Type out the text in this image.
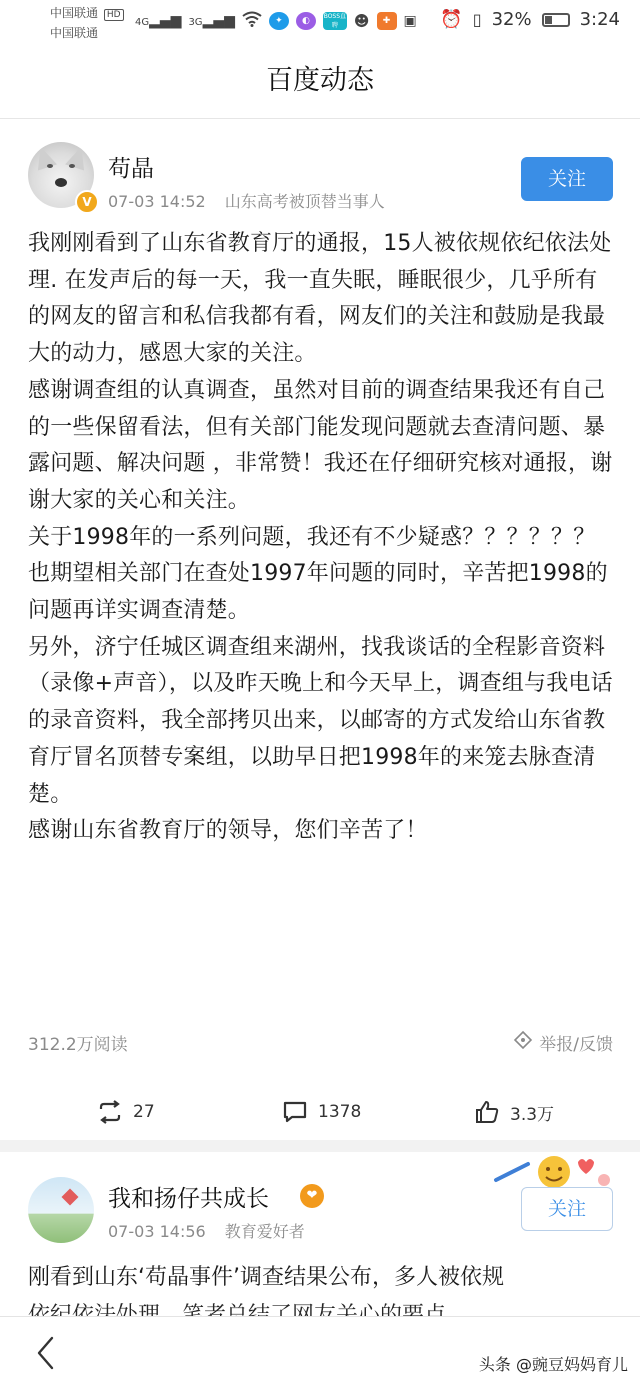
中国联通 HD
中国联通
4G▂▄▆ 3G▂▄▆	✦	◐	BOSS直聘	☻	✚ ▣ ⏰ ▯ 32%	3:24
百度动态
V
苟晶
07-03 14:52 山东高考被顶替当事人
关注

我刚刚看到了山东省教育厅的通报，15人被依规依纪依法处理. 在发声后的每一天，我一直失眠，睡眠很少，几乎所有的网友的留言和私信我都有看，网友们的关注和鼓励是我最大的动力，感恩大家的关注。

感谢调查组的认真调查，虽然对目前的调查结果我还有自己的一些保留看法，但有关部门能发现问题就去查清问题、暴露问题、解决问题 ，非常赞！我还在仔细研究核对通报，谢谢大家的关心和关注。

关于1998年的一系列问题，我还有不少疑惑？？？？？？ 也期望相关部门在查处1997年问题的同时，辛苦把1998的问题再详实调查清楚。

另外，济宁任城区调查组来湖州，找我谈话的全程影音资料（录像+声音），以及昨天晚上和今天早上，调查组与我电话的录音资料，我全部拷贝出来，以邮寄的方式发给山东省教育厅冒名顶替专案组，以助早日把1998年的来笼去脉查清楚。

感谢山东省教育厅的领导，您们辛苦了！

312.2万阅读	举报/反馈
27	1378	3.3万
我和扬仔共成长	❤
07-03 14:56 教育爱好者
关注
刚看到山东‘苟晶事件’调查结果公布，多人被依规
头条 @豌豆妈妈育儿
